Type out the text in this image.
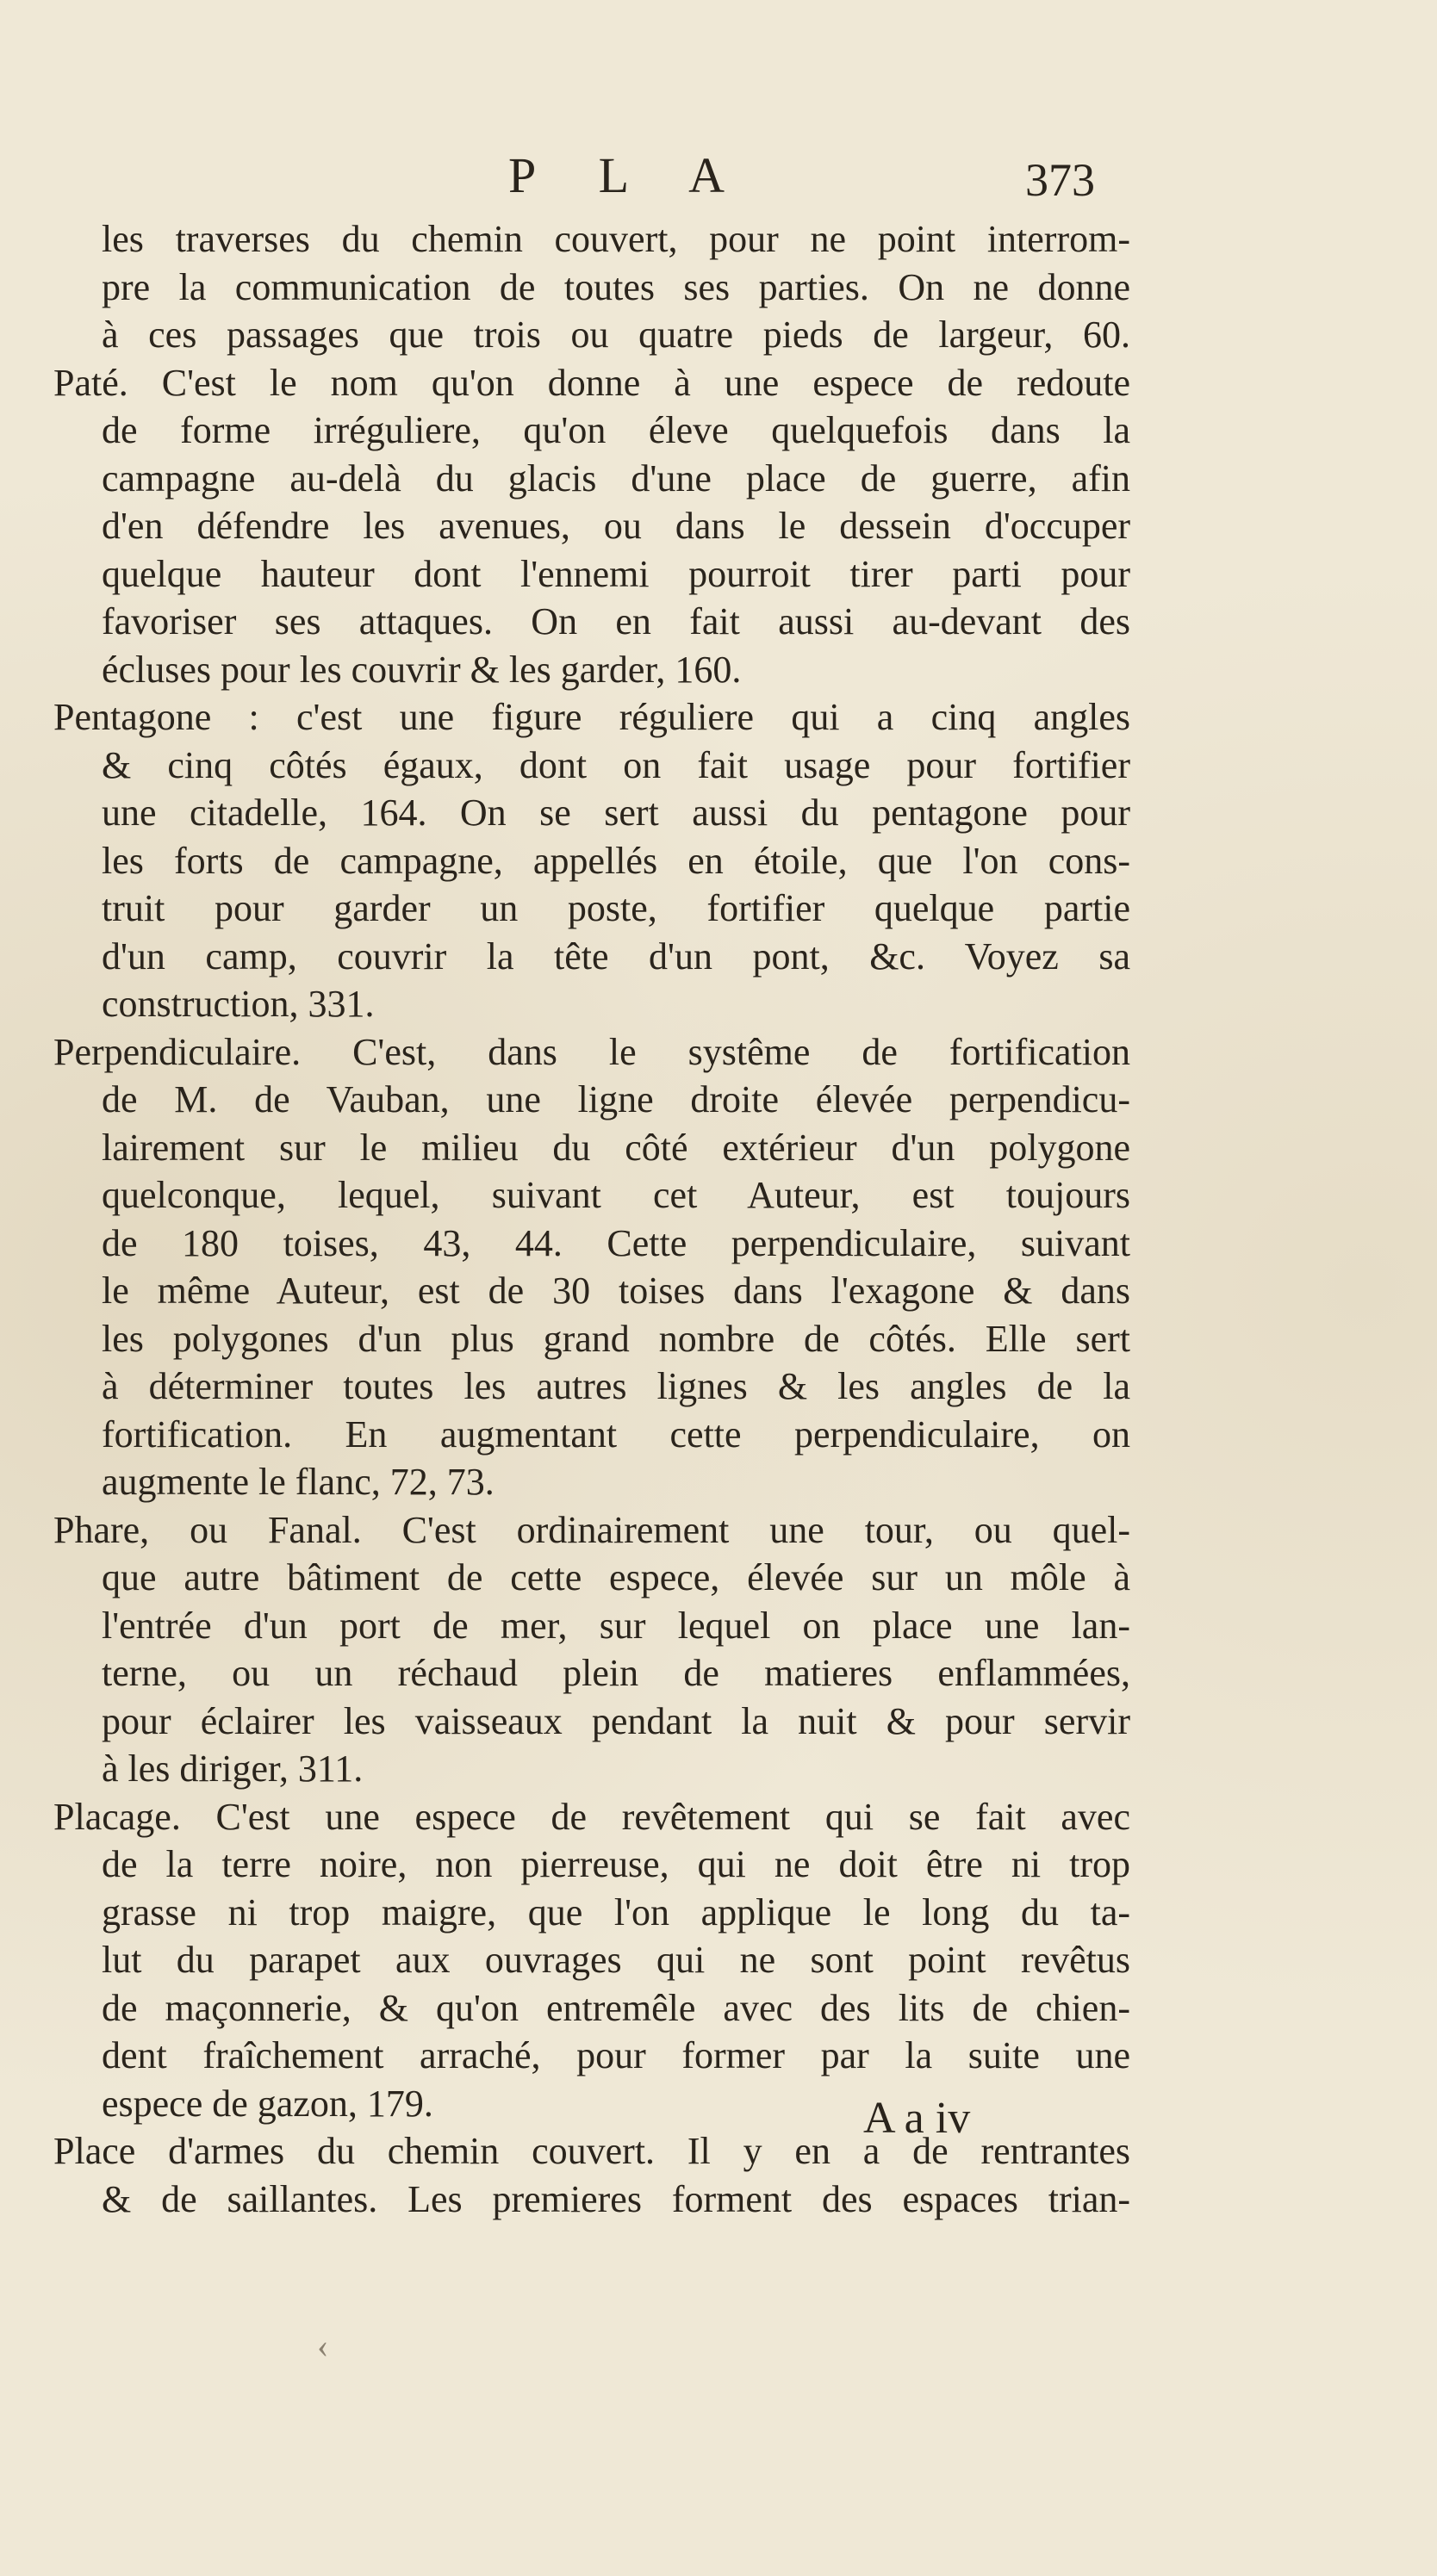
P L A	373
les traverses du chemin couvert, pour ne point interrom-
pre la communication de toutes ses parties. On ne donne
à ces passages que trois ou quatre pieds de largeur, 60.
Paté. C'est le nom qu'on donne à une espece de redoute
de forme irréguliere, qu'on éleve quelquefois dans la
campagne au-delà du glacis d'une place de guerre, afin
d'en défendre les avenues, ou dans le dessein d'occuper
quelque hauteur dont l'ennemi pourroit tirer parti pour
favoriser ses attaques. On en fait aussi au-devant des
écluses pour les couvrir & les garder, 160.
Pentagone : c'est une figure réguliere qui a cinq angles
& cinq côtés égaux, dont on fait usage pour fortifier
une citadelle, 164. On se sert aussi du pentagone pour
les forts de campagne, appellés en étoile, que l'on cons-
truit pour garder un poste, fortifier quelque partie
d'un camp, couvrir la tête d'un pont, &c. Voyez sa
construction, 331.
Perpendiculaire. C'est, dans le systême de fortification
de M. de Vauban, une ligne droite élevée perpendicu-
lairement sur le milieu du côté extérieur d'un polygone
quelconque, lequel, suivant cet Auteur, est toujours
de 180 toises, 43, 44. Cette perpendiculaire, suivant
le même Auteur, est de 30 toises dans l'exagone & dans
les polygones d'un plus grand nombre de côtés. Elle sert
à déterminer toutes les autres lignes & les angles de la
fortification. En augmentant cette perpendiculaire, on
augmente le flanc, 72, 73.
Phare, ou Fanal. C'est ordinairement une tour, ou quel-
que autre bâtiment de cette espece, élevée sur un môle à
l'entrée d'un port de mer, sur lequel on place une lan-
terne, ou un réchaud plein de matieres enflammées,
pour éclairer les vaisseaux pendant la nuit & pour servir
à les diriger, 311.
Placage. C'est une espece de revêtement qui se fait avec
de la terre noire, non pierreuse, qui ne doit être ni trop
grasse ni trop maigre, que l'on applique le long du ta-
lut du parapet aux ouvrages qui ne sont point revêtus
de maçonnerie, & qu'on entremêle avec des lits de chien-
dent fraîchement arraché, pour former par la suite une
espece de gazon, 179.
Place d'armes du chemin couvert. Il y en a de rentrantes
& de saillantes. Les premieres forment des espaces trian-
A a iv
‹
